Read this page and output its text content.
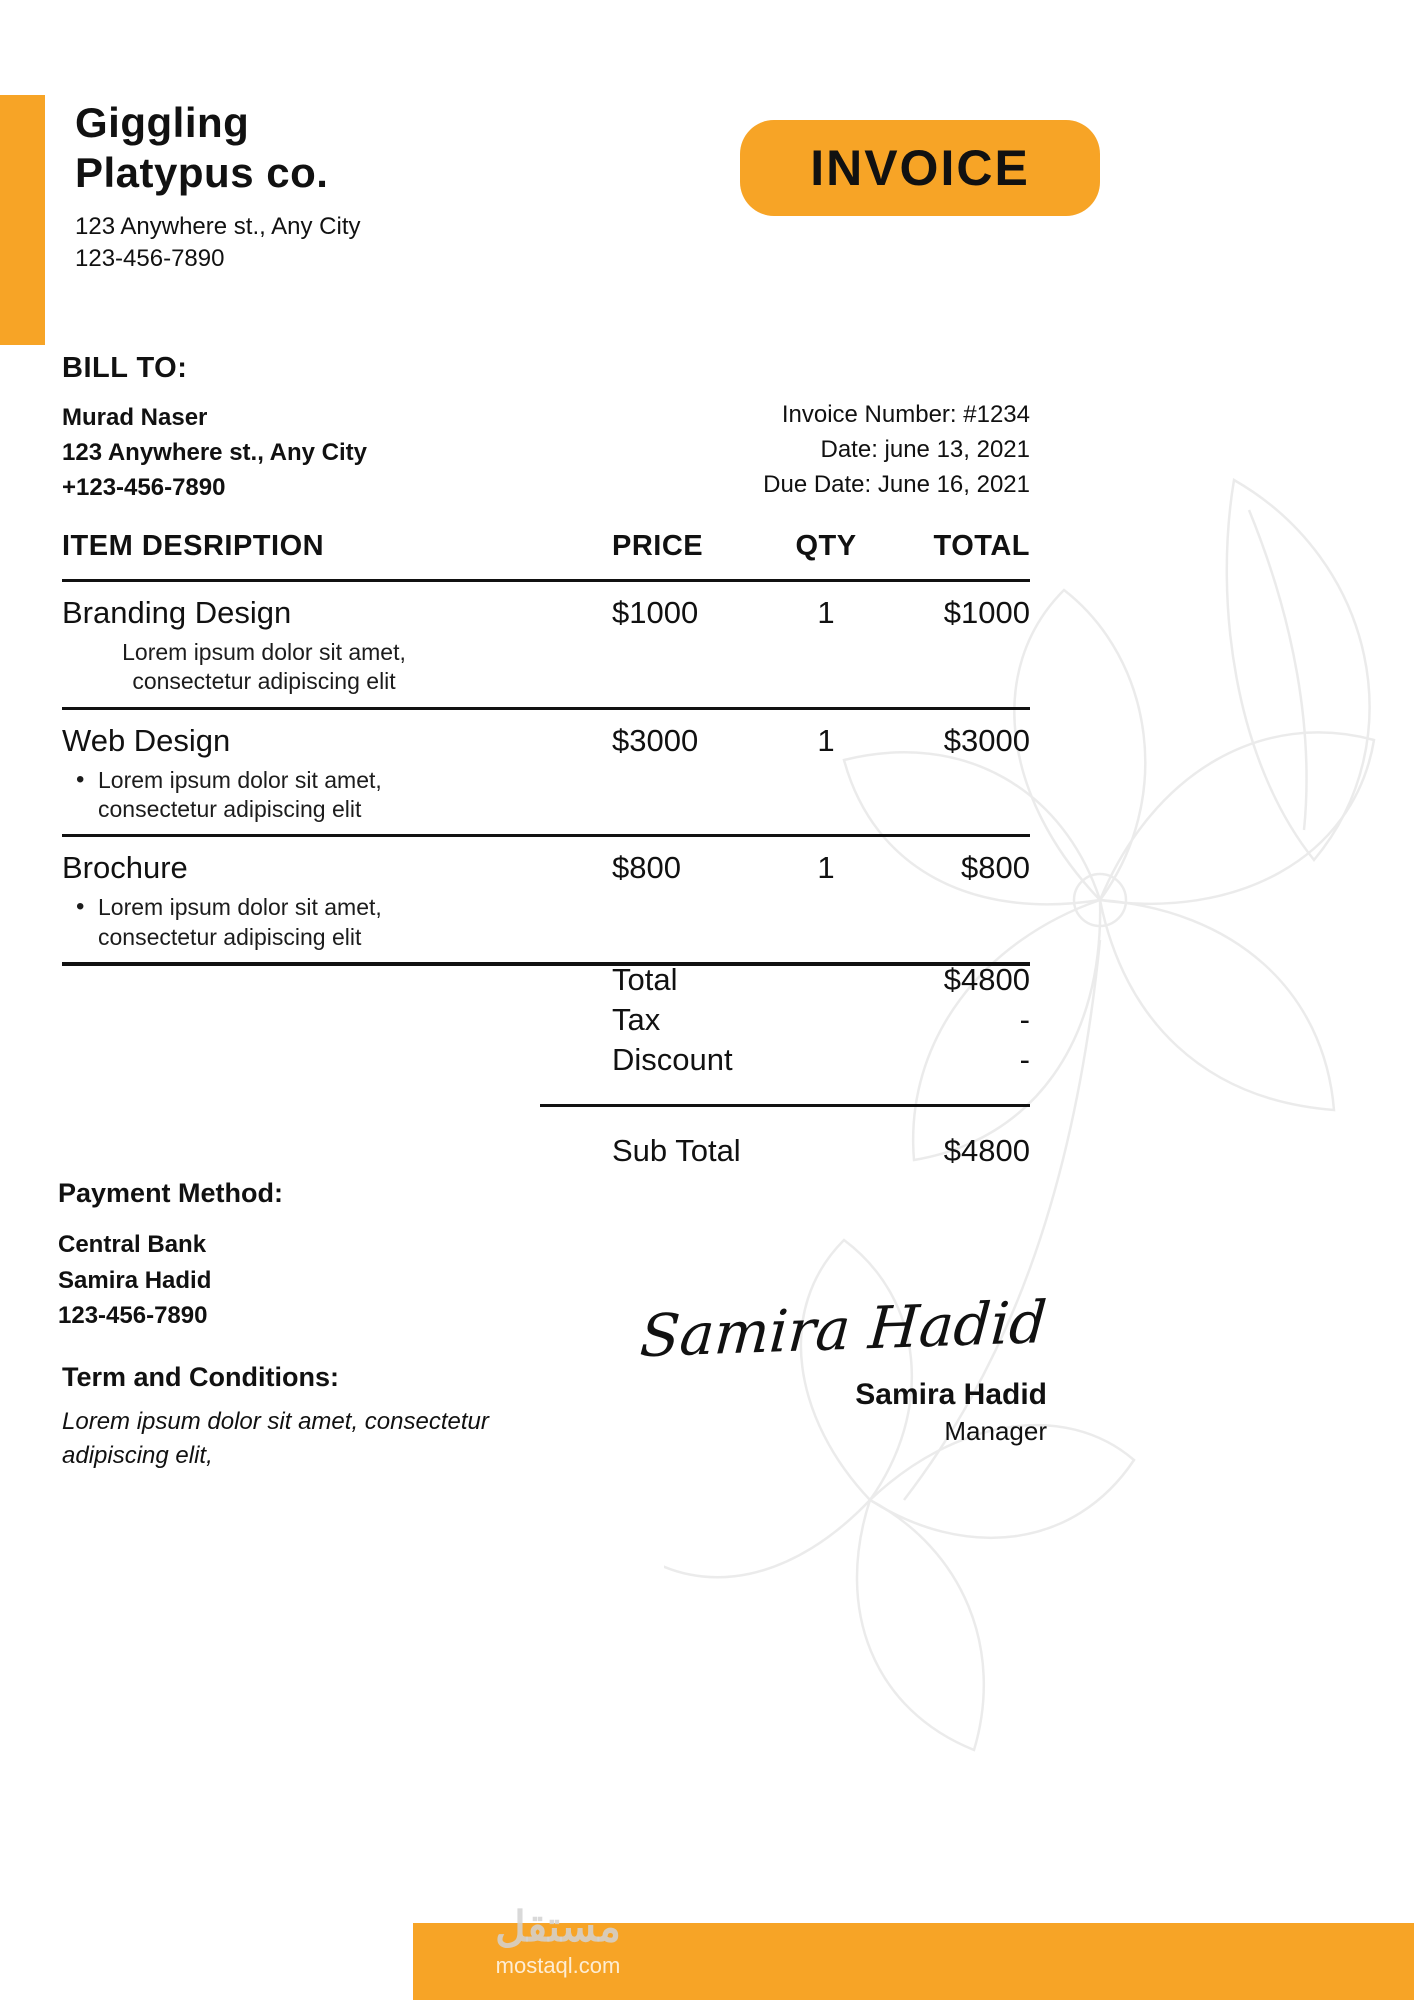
Giggling
Platypus co.
123 Anywhere st., Any City
123-456-7890
INVOICE
BILL TO:
Murad Naser
123 Anywhere st., Any City
+123-456-7890
Invoice Number: #1234
Date: june 13, 2021
Due Date: June 16, 2021
ITEM DESRIPTION	PRICE	QTY	TOTAL
Branding Design
Lorem ipsum dolor sit amet,
consectetur adipiscing elit
$1000	1	$1000
Web Design
• Lorem ipsum dolor sit amet,
consectetur adipiscing elit
$3000	1	$3000
Brochure
• Lorem ipsum dolor sit amet,
consectetur adipiscing elit
$800	1	$800
Total	$4800
Tax	-
Discount	-
Sub Total	$4800
Payment Method:
Central Bank
Samira Hadid
123-456-7890
Term and Conditions:
Lorem ipsum dolor sit amet, consectetur adipiscing elit,
Samira Hadid
Samira Hadid
Manager
مستقل
mostaql.com
